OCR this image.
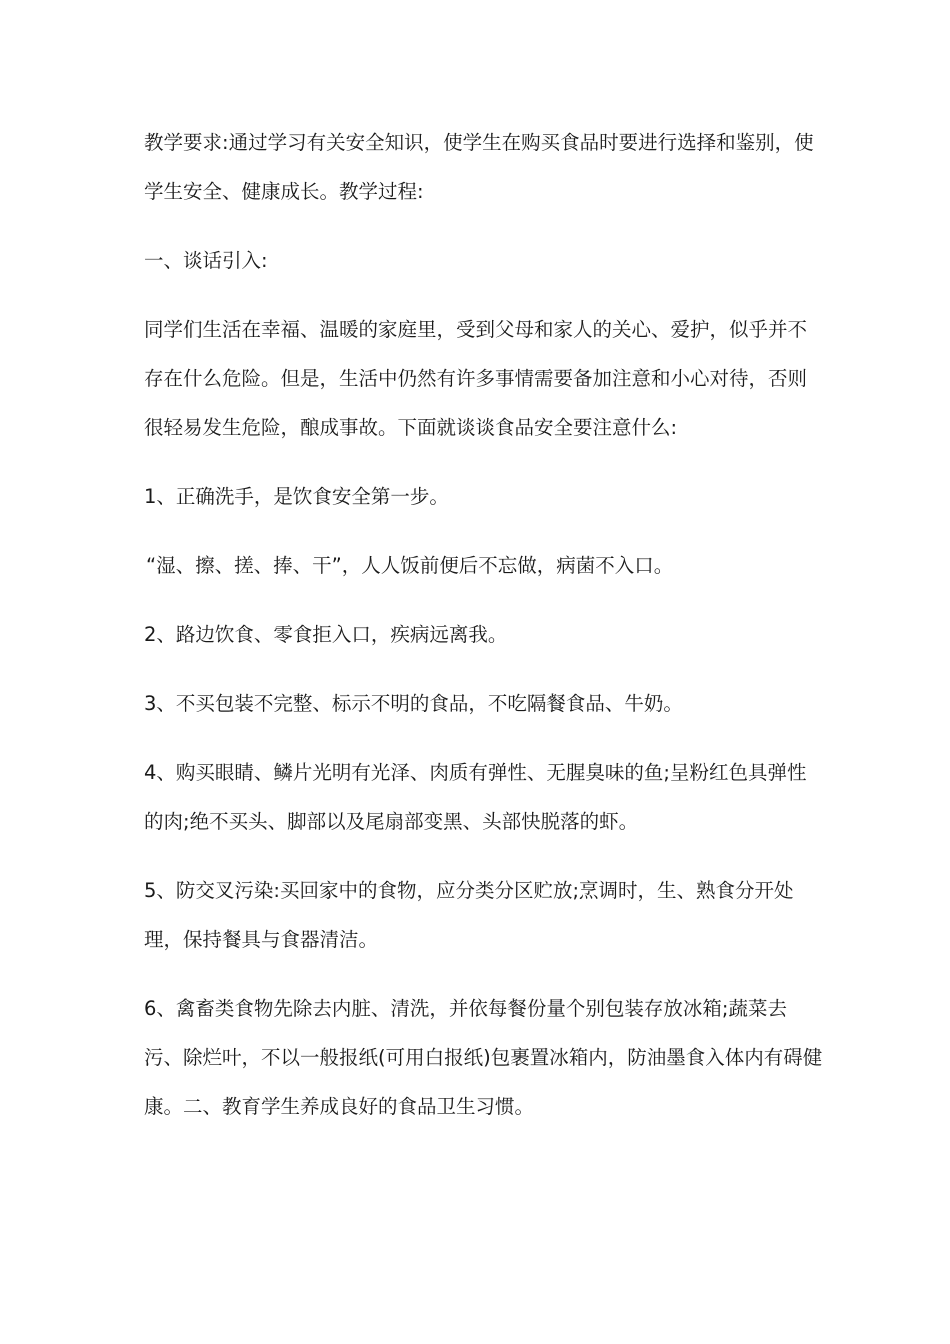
教学要求:通过学习有关安全知识，使学生在购买食品时要进行选择和鉴别，使学生安全、健康成长。教学过程:

一、谈话引入:

同学们生活在幸福、温暖的家庭里，受到父母和家人的关心、爱护，似乎并不存在什么危险。但是，生活中仍然有许多事情需要备加注意和小心对待，否则很轻易发生危险，酿成事故。下面就谈谈食品安全要注意什么:

1、正确洗手，是饮食安全第一步。

“湿、擦、搓、捧、干”，人人饭前便后不忘做，病菌不入口。

2、路边饮食、零食拒入口，疾病远离我。

3、不买包装不完整、标示不明的食品，不吃隔餐食品、牛奶。

4、购买眼睛、鳞片光明有光泽、肉质有弹性、无腥臭味的鱼;呈粉红色具弹性的肉;绝不买头、脚部以及尾扇部变黑、头部快脱落的虾。

5、防交叉污染:买回家中的食物，应分类分区贮放;烹调时，生、熟食分开处理，保持餐具与食器清洁。

6、禽畜类食物先除去内脏、清洗，并依每餐份量个别包装存放冰箱;蔬菜去污、除烂叶，不以一般报纸(可用白报纸)包裹置冰箱内，防油墨食入体内有碍健康。二、教育学生养成良好的食品卫生习惯。
